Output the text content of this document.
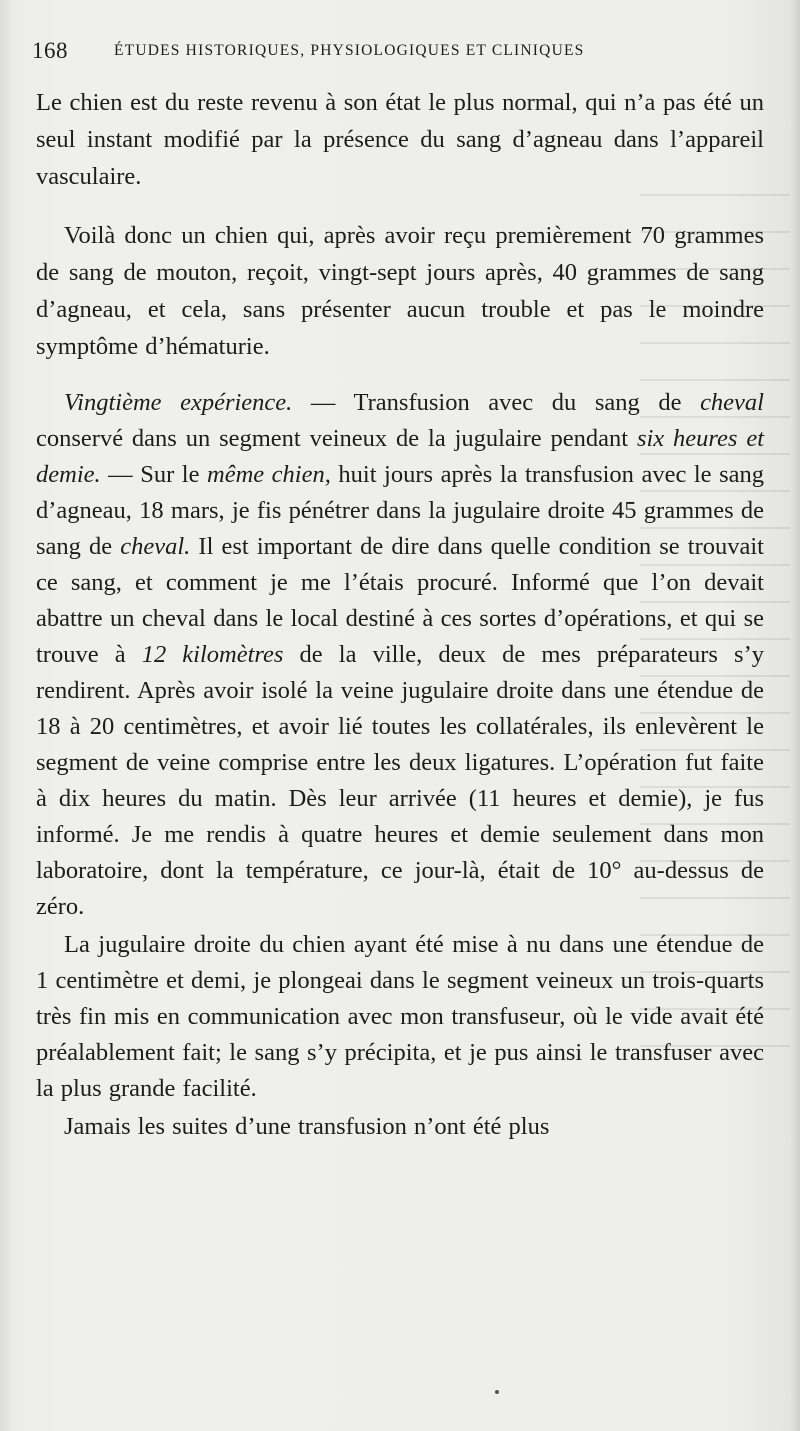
168	ÉTUDES HISTORIQUES, PHYSIOLOGIQUES ET CLINIQUES

Le chien est du reste revenu à son état le plus normal, qui n’a pas été un seul instant modifié par la présence du sang d’agneau dans l’appareil vasculaire.

Voilà donc un chien qui, après avoir reçu premièrement 70 grammes de sang de mouton, reçoit, vingt-sept jours après, 40 grammes de sang d’agneau, et cela, sans présenter aucun trouble et pas le moindre symptôme d’hématurie.

Vingtième expérience. — Transfusion avec du sang de cheval conservé dans un segment veineux de la jugulaire pendant six heures et demie. — Sur le même chien, huit jours après la transfusion avec le sang d’agneau, 18 mars, je fis pénétrer dans la jugulaire droite 45 grammes de sang de cheval. Il est important de dire dans quelle condition se trouvait ce sang, et comment je me l’étais procuré. Informé que l’on devait abattre un cheval dans le local destiné à ces sortes d’opérations, et qui se trouve à 12 kilomètres de la ville, deux de mes préparateurs s’y rendirent. Après avoir isolé la veine jugulaire droite dans une étendue de 18 à 20 centimètres, et avoir lié toutes les collatérales, ils enlevèrent le segment de veine comprise entre les deux ligatures. L’opération fut faite à dix heures du matin. Dès leur arrivée (11 heures et demie), je fus informé. Je me rendis à quatre heures et demie seulement dans mon laboratoire, dont la température, ce jour-là, était de 10° au-dessus de zéro.

La jugulaire droite du chien ayant été mise à nu dans une étendue de 1 centimètre et demi, je plongeai dans le segment veineux un trois-quarts très fin mis en communication avec mon transfuseur, où le vide avait été préalablement fait; le sang s’y précipita, et je pus ainsi le transfuser avec la plus grande facilité.

Jamais les suites d’une transfusion n’ont été plus
